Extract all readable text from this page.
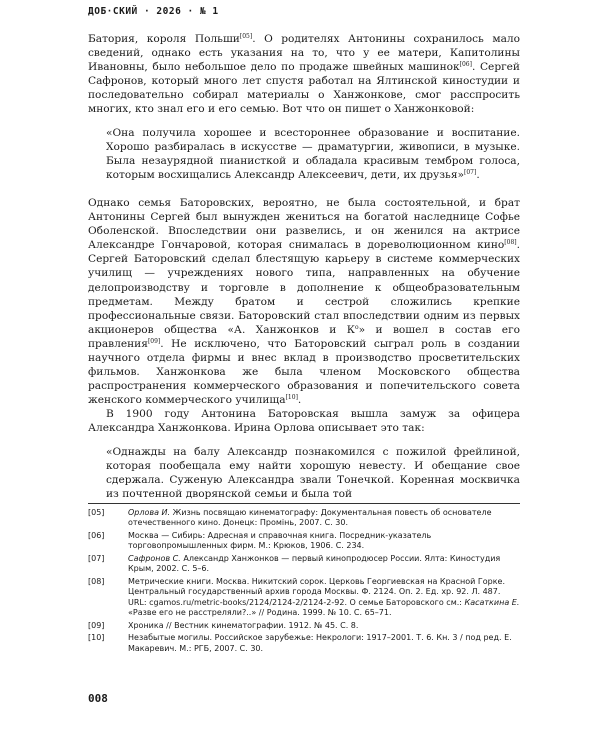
ДОБ·СКИЙ · 2026 · № 1

Батория, короля Польши[05]. О родителях Антонины сохранилось мало сведений, однако есть указания на то, что у ее матери, Капитолины Ивановны, было небольшое дело по продаже швейных машинок[06]. Сергей Сафронов, который много лет спустя работал на Ялтинской киностудии и последовательно собирал материалы о Ханжонкове, смог расспросить многих, кто знал его и его семью. Вот что он пишет о Ханжонковой:

«Она получила хорошее и всестороннее образование и воспитание. Хорошо разбиралась в искусстве — драматургии, живописи, в музыке. Была незаурядной пианисткой и обладала красивым тембром голоса, которым восхищались Александр Алексеевич, дети, их друзья»[07].

Однако семья Баторовских, вероятно, не была состоятельной, и брат Антонины Сергей был вынужден жениться на богатой наследнице Софье Оболенской. Впоследствии они развелись, и он женился на актрисе Александре Гончаровой, которая снималась в дореволюционном кино[08]. Сергей Баторовский сделал блестящую карьеру в системе коммерческих училищ — учреждениях нового типа, направленных на обучение делопроизводству и торговле в дополнение к общеобразовательным предметам. Между братом и сестрой сложились крепкие профессиональные связи. Баторовский стал впоследствии одним из первых акционеров общества «А. Ханжонков и $К^о$» и вошел в состав его правления[09]. Не исключено, что Баторовский сыграл роль в создании научного отдела фирмы и внес вклад в производство просветительских фильмов. Ханжонкова же была членом Московского общества распространения коммерческого образования и попечительского совета женского коммерческого училища[10].

В 1900 году Антонина Баторовская вышла замуж за офицера Александра Ханжонкова. Ирина Орлова описывает это так:

«Однажды на балу Александр познакомился с пожилой фрейлиной, которая пообещала ему найти хорошую невесту. И обещание свое сдержала. Суженую Александра звали Тонечкой. Коренная москвичка из почтенной дворянской семьи и была той

[05]	Орлова И. Жизнь посвящаю кинематографу: Документальная повесть об основателе отечественного кино. Донецк: Промінь, 2007. С. 30.
[06]	Москва — Сибирь: Адресная и справочная книга. Посредник-указатель торговопромышленных фирм. М.: Крюков, 1906. С. 234.
[07]	Сафронов С. Александр Ханжонков — первый кинопродюсер России. Ялта: Киностудия Крым, 2002. С. 5–6.
[08]	Метрические книги. Москва. Никитский сорок. Церковь Георгиевская на Красной Горке. Центральный государственный архив города Москвы. Ф. 2124. Оп. 2. Ед. хр. 92. Л. 487. URL: cgamos.ru/metric-books/2124/2124-2/2124-2-92. О семье Баторовского см.: Касаткина Е. «Разве его не расстреляли?..» // Родина. 1999. № 10. С. 65–71.
[09]	Хроника // Вестник кинематографии. 1912. № 45. С. 8.
[10]	Незабытые могилы. Российское зарубежье: Некрологи: 1917–2001. Т. 6. Кн. 3 / под ред. Е. Макаревич. М.: РГБ, 2007. С. 30.
008
